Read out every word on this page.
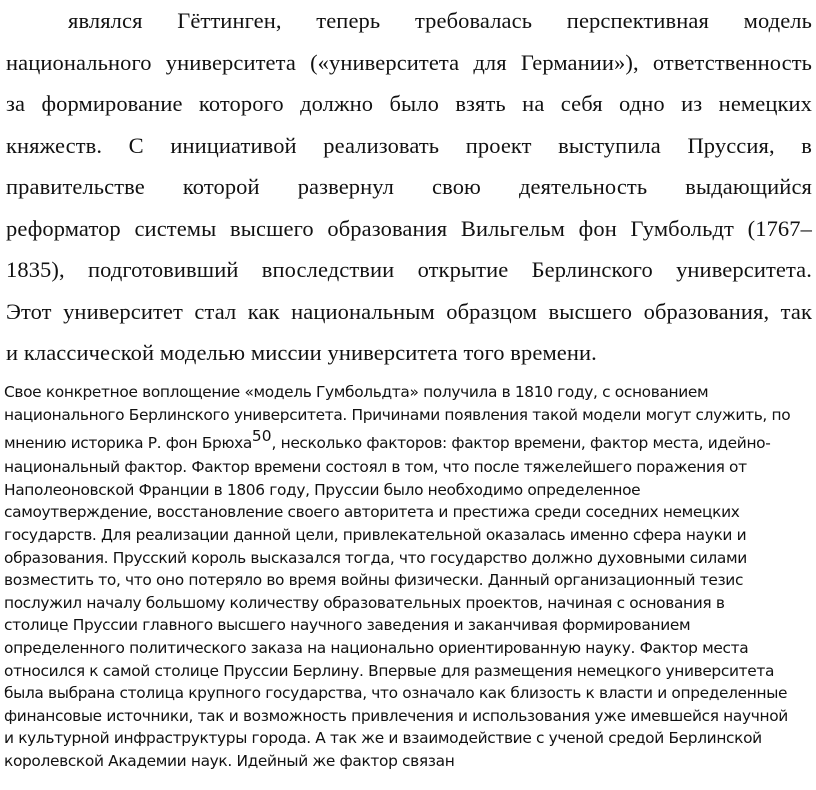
являлся Гёттинген, теперь требовалась перспективная модель
национального университета («университета для Германии»), ответственность
за формирование которого должно было взять на себя одно из немецких
княжеств. С инициативой реализовать проект выступила Пруссия, в
правительстве которой развернул свою деятельность выдающийся
реформатор системы высшего образования Вильгельм фон Гумбольдт (1767–
1835), подготовивший впоследствии открытие Берлинского университета.
Этот университет стал как национальным образцом высшего образования, так
и классической моделью миссии университета того времени.
Свое конкретное воплощение «модель Гумбольдта» получила в 1810 году, с основанием
национального Берлинского университета. Причинами появления такой модели могут служить, по
мнению историка Р. фон Брюха50, несколько факторов: фактор времени, фактор места, идейно-
национальный фактор. Фактор времени состоял в том, что после тяжелейшего поражения от
Наполеоновской Франции в 1806 году, Пруссии было необходимо определенное
самоутверждение, восстановление своего авторитета и престижа среди соседних немецких
государств. Для реализации данной цели, привлекательной оказалась именно сфера науки и
образования. Прусский король высказался тогда, что государство должно духовными силами
возместить то, что оно потеряло во время войны физически. Данный организационный тезис
послужил началу большому количеству образовательных проектов, начиная с основания в
столице Пруссии главного высшего научного заведения и заканчивая формированием
определенного политического заказа на национально ориентированную науку. Фактор места
относился к самой столице Пруссии Берлину. Впервые для размещения немецкого университета
была выбрана столица крупного государства, что означало как близость к власти и определенные
финансовые источники, так и возможность привлечения и использования уже имевшейся научной
и культурной инфраструктуры города. А так же и взаимодействие с ученой средой Берлинской
королевской Академии наук. Идейный же фактор связан
